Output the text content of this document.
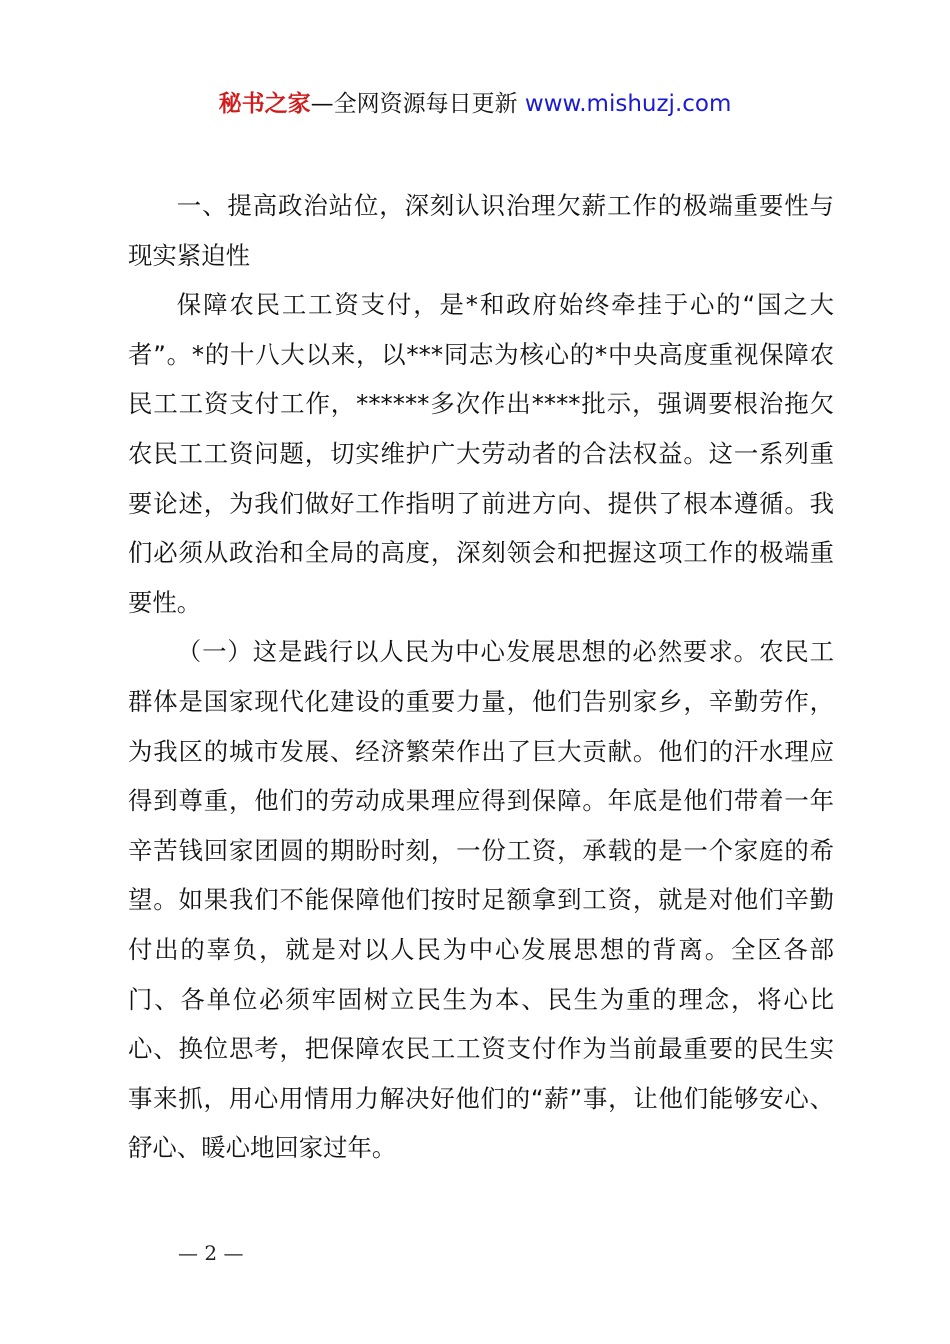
秘书之家—全网资源每日更新 www.mishuzj.com

一、提高政治站位，深刻认识治理欠薪工作的极端重要性与现实紧迫性

保障农民工工资支付，是*和政府始终牵挂于心的“国之大者”。*的十八大以来，以***同志为核心的*中央高度重视保障农民工工资支付工作，******多次作出****批示，强调要根治拖欠农民工工资问题，切实维护广大劳动者的合法权益。这一系列重要论述，为我们做好工作指明了前进方向、提供了根本遵循。我们必须从政治和全局的高度，深刻领会和把握这项工作的极端重要性。

（一）这是践行以人民为中心发展思想的必然要求。农民工群体是国家现代化建设的重要力量，他们告别家乡，辛勤劳作，为我区的城市发展、经济繁荣作出了巨大贡献。他们的汗水理应得到尊重，他们的劳动成果理应得到保障。年底是他们带着一年辛苦钱回家团圆的期盼时刻，一份工资，承载的是一个家庭的希望。如果我们不能保障他们按时足额拿到工资，就是对他们辛勤付出的辜负，就是对以人民为中心发展思想的背离。全区各部门、各单位必须牢固树立民生为本、民生为重的理念，将心比心、换位思考，把保障农民工工资支付作为当前最重要的民生实事来抓，用心用情用力解决好他们的“薪”事，让他们能够安心、舒心、暖心地回家过年。

— 2 —
